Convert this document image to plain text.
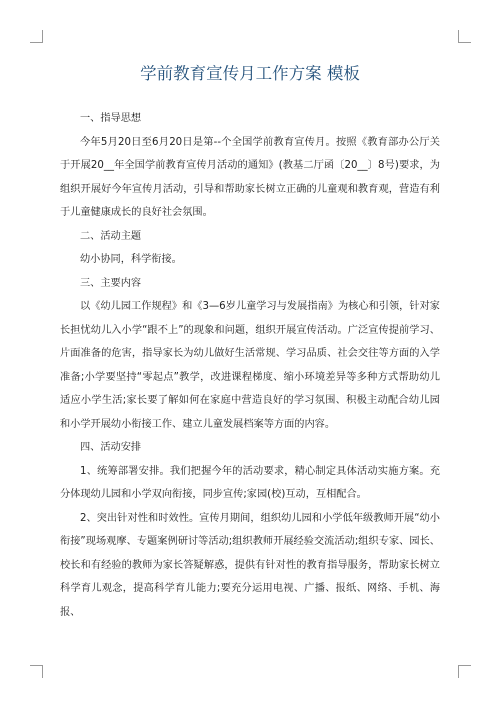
学前教育宣传月工作方案 模板

一、指导思想

今年5月20日至6月20日是第--个全国学前教育宣传月。按照《教育部办公厅关于开展20__年全国学前教育宣传月活动的通知》(教基二厅函〔20__〕8号)要求，为组织开展好今年宣传月活动，引导和帮助家长树立正确的儿童观和教育观，营造有利于儿童健康成长的良好社会氛围。

二、活动主题

幼小协同，科学衔接。

三、主要内容

以《幼儿园工作规程》和《3—6岁儿童学习与发展指南》为核心和引领，针对家长担忧幼儿入小学“跟不上”的现象和问题，组织开展宣传活动。广泛宣传提前学习、片面准备的危害，指导家长为幼儿做好生活常规、学习品质、社会交往等方面的入学准备;小学要坚持“零起点”教学，改进课程梯度、缩小环境差异等多种方式帮助幼儿适应小学生活;家长要了解如何在家庭中营造良好的学习氛围、积极主动配合幼儿园和小学开展幼小衔接工作、建立儿童发展档案等方面的内容。

四、活动安排

1、统筹部署安排。我们把握今年的活动要求，精心制定具体活动实施方案。充分体现幼儿园和小学双向衔接，同步宣传;家园(校)互动，互相配合。

2、突出针对性和时效性。宣传月期间，组织幼儿园和小学低年级教师开展“幼小衔接”现场观摩、专题案例研讨等活动;组织教师开展经验交流活动;组织专家、园长、校长和有经验的教师为家长答疑解惑，提供有针对性的教育指导服务，帮助家长树立科学育儿观念，提高科学育儿能力;要充分运用电视、广播、报纸、网络、手机、海报、
